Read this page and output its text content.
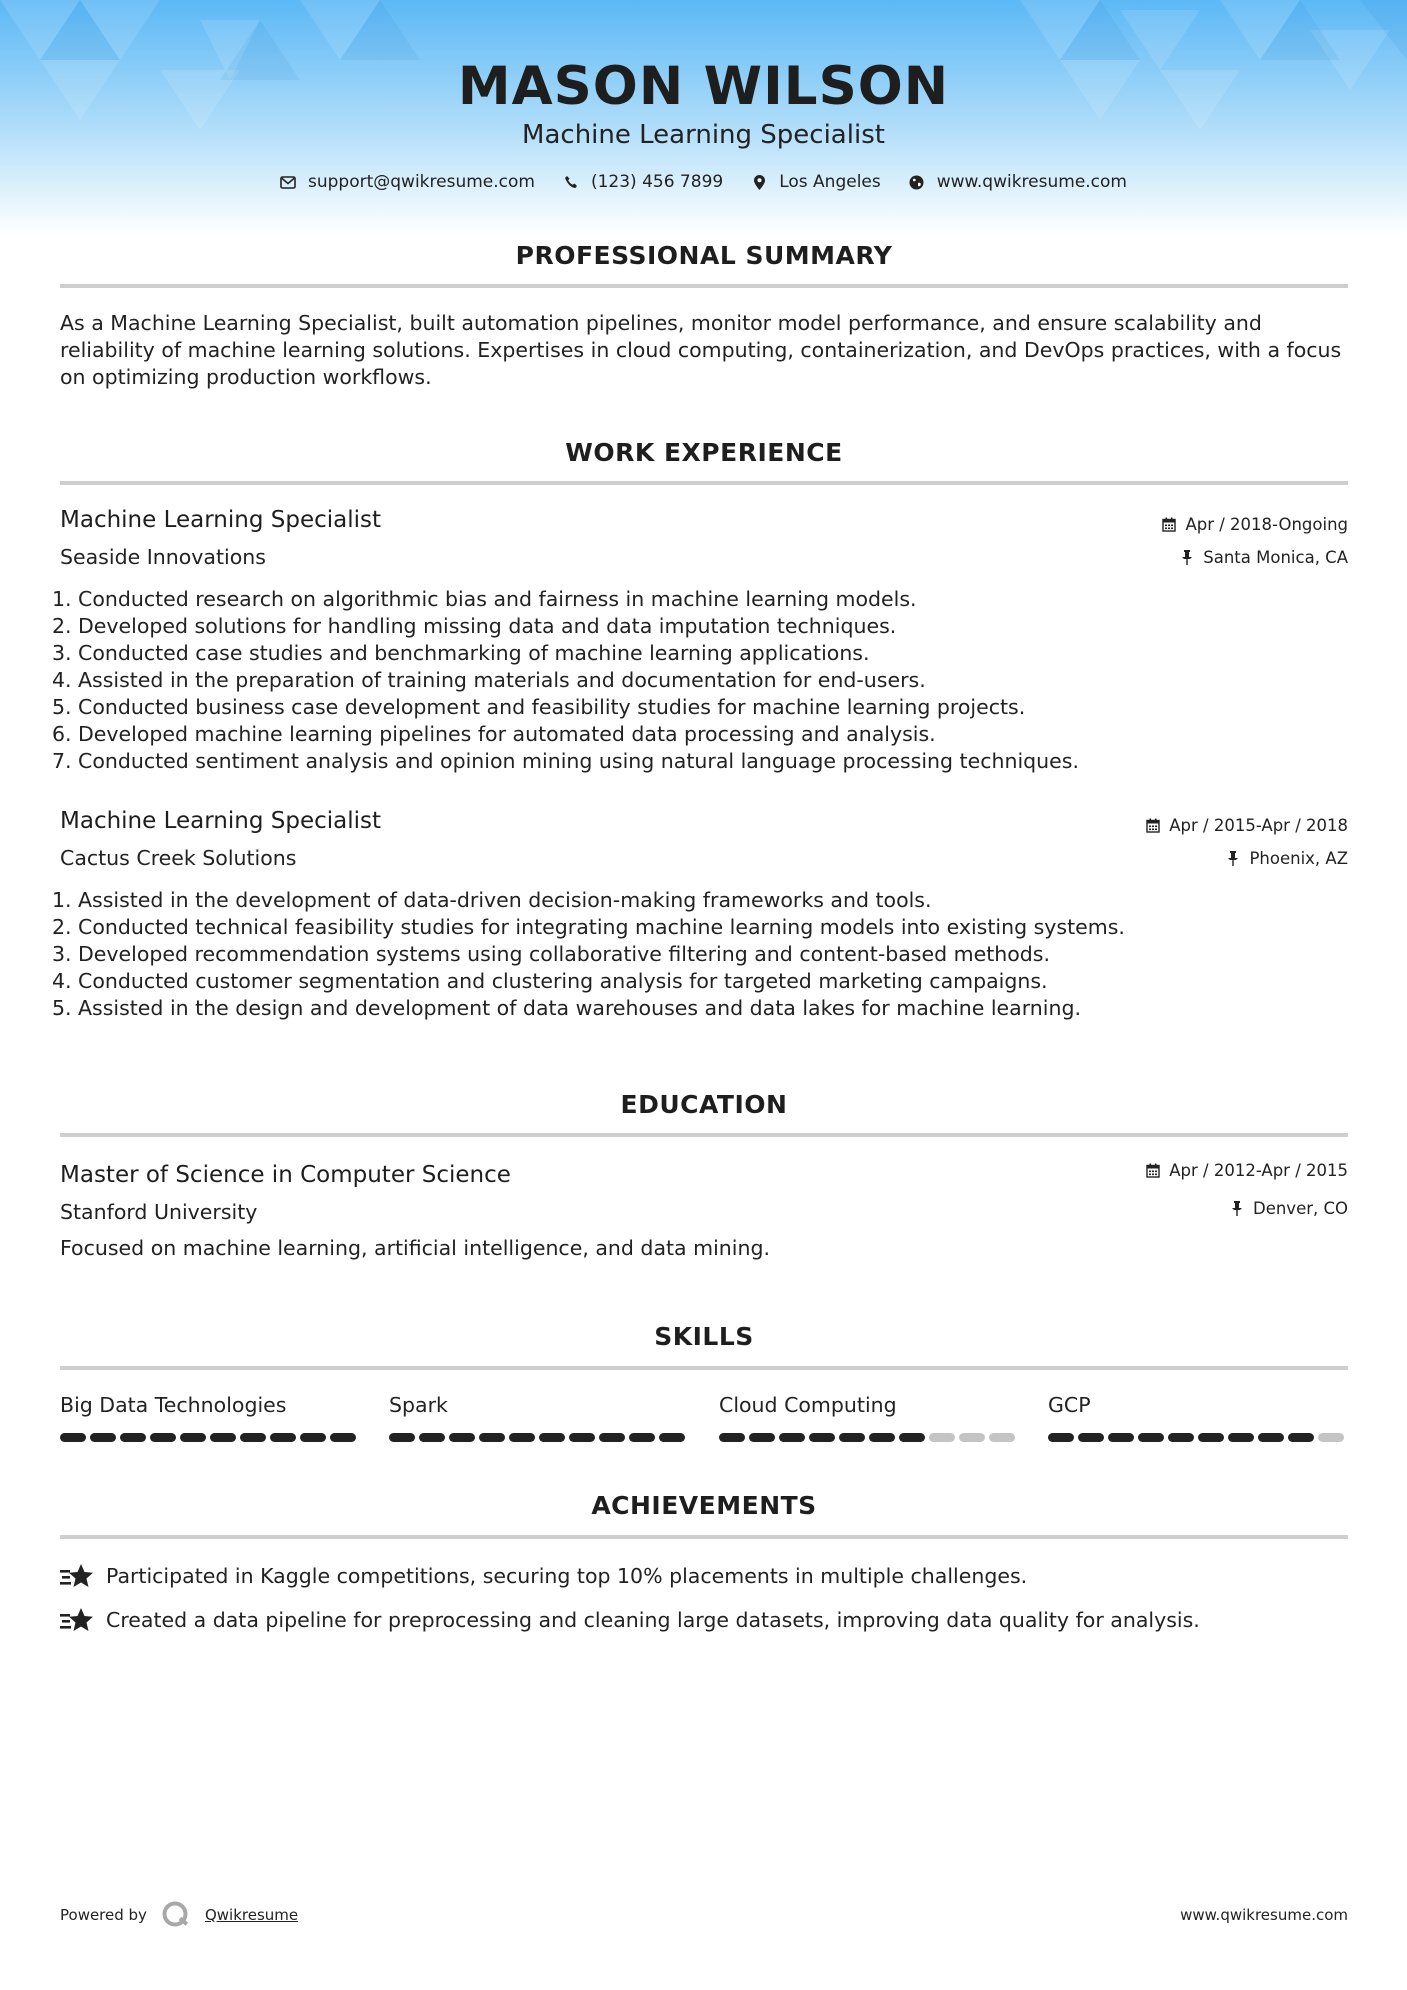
MASON WILSON
Machine Learning Specialist
support@qwikresume.com	(123) 456 7899	Los Angeles	www.qwikresume.com
PROFESSIONAL SUMMARY
As a Machine Learning Specialist, built automation pipelines, monitor model performance, and ensure scalability and reliability of machine learning solutions. Expertises in cloud computing, containerization, and DevOps practices, with a focus on optimizing production workflows.
WORK EXPERIENCE
Machine Learning Specialist
Seaside Innovations
Apr / 2018-Ongoing
Santa Monica, CA
1. Conducted research on algorithmic bias and fairness in machine learning models.
2. Developed solutions for handling missing data and data imputation techniques.
3. Conducted case studies and benchmarking of machine learning applications.
4. Assisted in the preparation of training materials and documentation for end-users.
5. Conducted business case development and feasibility studies for machine learning projects.
6. Developed machine learning pipelines for automated data processing and analysis.
7. Conducted sentiment analysis and opinion mining using natural language processing techniques.
Machine Learning Specialist
Cactus Creek Solutions
Apr / 2015-Apr / 2018
Phoenix, AZ
1. Assisted in the development of data-driven decision-making frameworks and tools.
2. Conducted technical feasibility studies for integrating machine learning models into existing systems.
3. Developed recommendation systems using collaborative filtering and content-based methods.
4. Conducted customer segmentation and clustering analysis for targeted marketing campaigns.
5. Assisted in the design and development of data warehouses and data lakes for machine learning.
EDUCATION
Master of Science in Computer Science
Stanford University
Apr / 2012-Apr / 2015
Denver, CO
Focused on machine learning, artificial intelligence, and data mining.
SKILLS
Big Data Technologies	Spark	Cloud Computing	GCP
ACHIEVEMENTS
Participated in Kaggle competitions, securing top 10% placements in multiple challenges.
Created a data pipeline for preprocessing and cleaning large datasets, improving data quality for analysis.
Powered by	Qwikresume	www.qwikresume.com
